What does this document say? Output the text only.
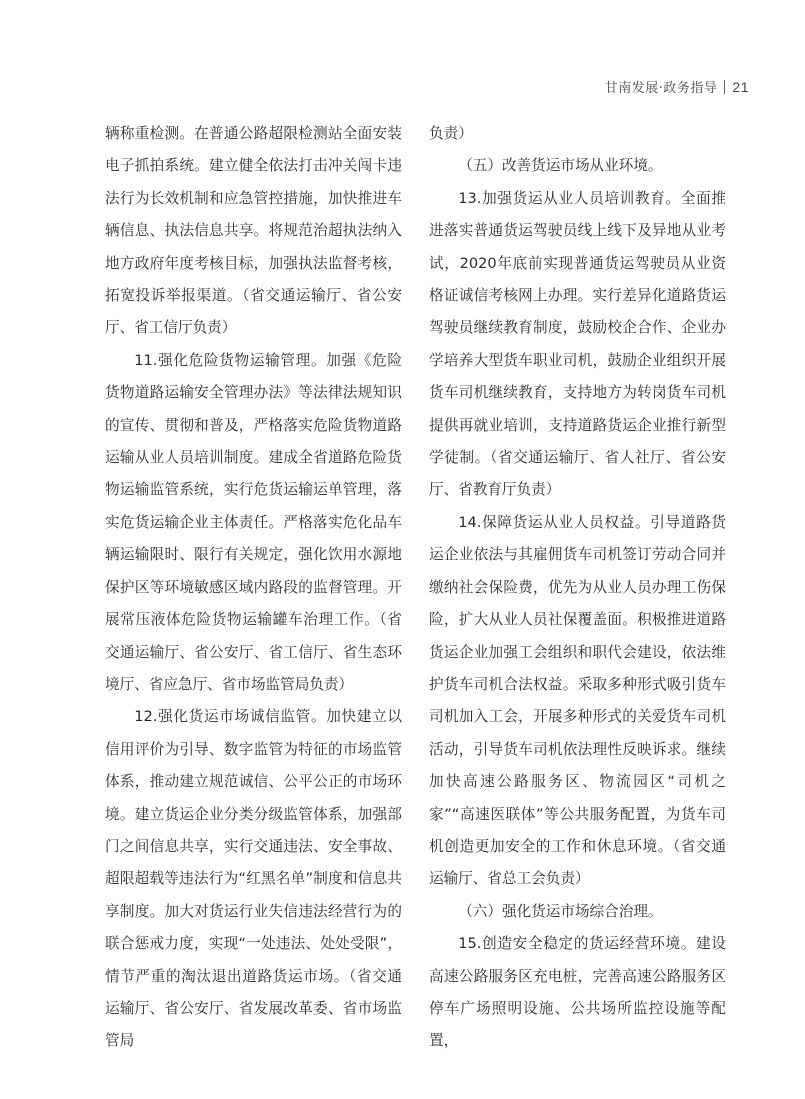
甘南发展·政务指导 21

辆称重检测。在普通公路超限检测站全面安装电子抓拍系统。建立健全依法打击冲关闯卡违法行为长效机制和应急管控措施，加快推进车辆信息、执法信息共享。将规范治超执法纳入地方政府年度考核目标，加强执法监督考核，拓宽投诉举报渠道。（省交通运输厅、省公安厅、省工信厅负责）

11.强化危险货物运输管理。加强《危险货物道路运输安全管理办法》等法律法规知识的宣传、贯彻和普及，严格落实危险货物道路运输从业人员培训制度。建成全省道路危险货物运输监管系统，实行危货运输运单管理，落实危货运输企业主体责任。严格落实危化品车辆运输限时、限行有关规定，强化饮用水源地保护区等环境敏感区域内路段的监督管理。开展常压液体危险货物运输罐车治理工作。（省交通运输厅、省公安厅、省工信厅、省生态环境厅、省应急厅、省市场监管局负责）

12.强化货运市场诚信监管。加快建立以信用评价为引导、数字监管为特征的市场监管体系，推动建立规范诚信、公平公正的市场环境。建立货运企业分类分级监管体系，加强部门之间信息共享，实行交通违法、安全事故、超限超载等违法行为“红黑名单”制度和信息共享制度。加大对货运行业失信违法经营行为的联合惩戒力度，实现“一处违法、处处受限”，情节严重的淘汰退出道路货运市场。（省交通运输厅、省公安厅、省发展改革委、省市场监管局

负责）

（五）改善货运市场从业环境。

13.加强货运从业人员培训教育。全面推进落实普通货运驾驶员线上线下及异地从业考试，2020年底前实现普通货运驾驶员从业资格证诚信考核网上办理。实行差异化道路货运驾驶员继续教育制度，鼓励校企合作、企业办学培养大型货车职业司机，鼓励企业组织开展货车司机继续教育，支持地方为转岗货车司机提供再就业培训，支持道路货运企业推行新型学徒制。（省交通运输厅、省人社厅、省公安厅、省教育厅负责）

14.保障货运从业人员权益。引导道路货运企业依法与其雇佣货车司机签订劳动合同并缴纳社会保险费，优先为从业人员办理工伤保险，扩大从业人员社保覆盖面。积极推进道路货运企业加强工会组织和职代会建设，依法维护货车司机合法权益。采取多种形式吸引货车司机加入工会，开展多种形式的关爱货车司机活动，引导货车司机依法理性反映诉求。继续加快高速公路服务区、物流园区“司机之家”“高速医联体”等公共服务配置，为货车司机创造更加安全的工作和休息环境。（省交通运输厅、省总工会负责）

（六）强化货运市场综合治理。

15.创造安全稳定的货运经营环境。建设高速公路服务区充电桩，完善高速公路服务区停车广场照明设施、公共场所监控设施等配置，
